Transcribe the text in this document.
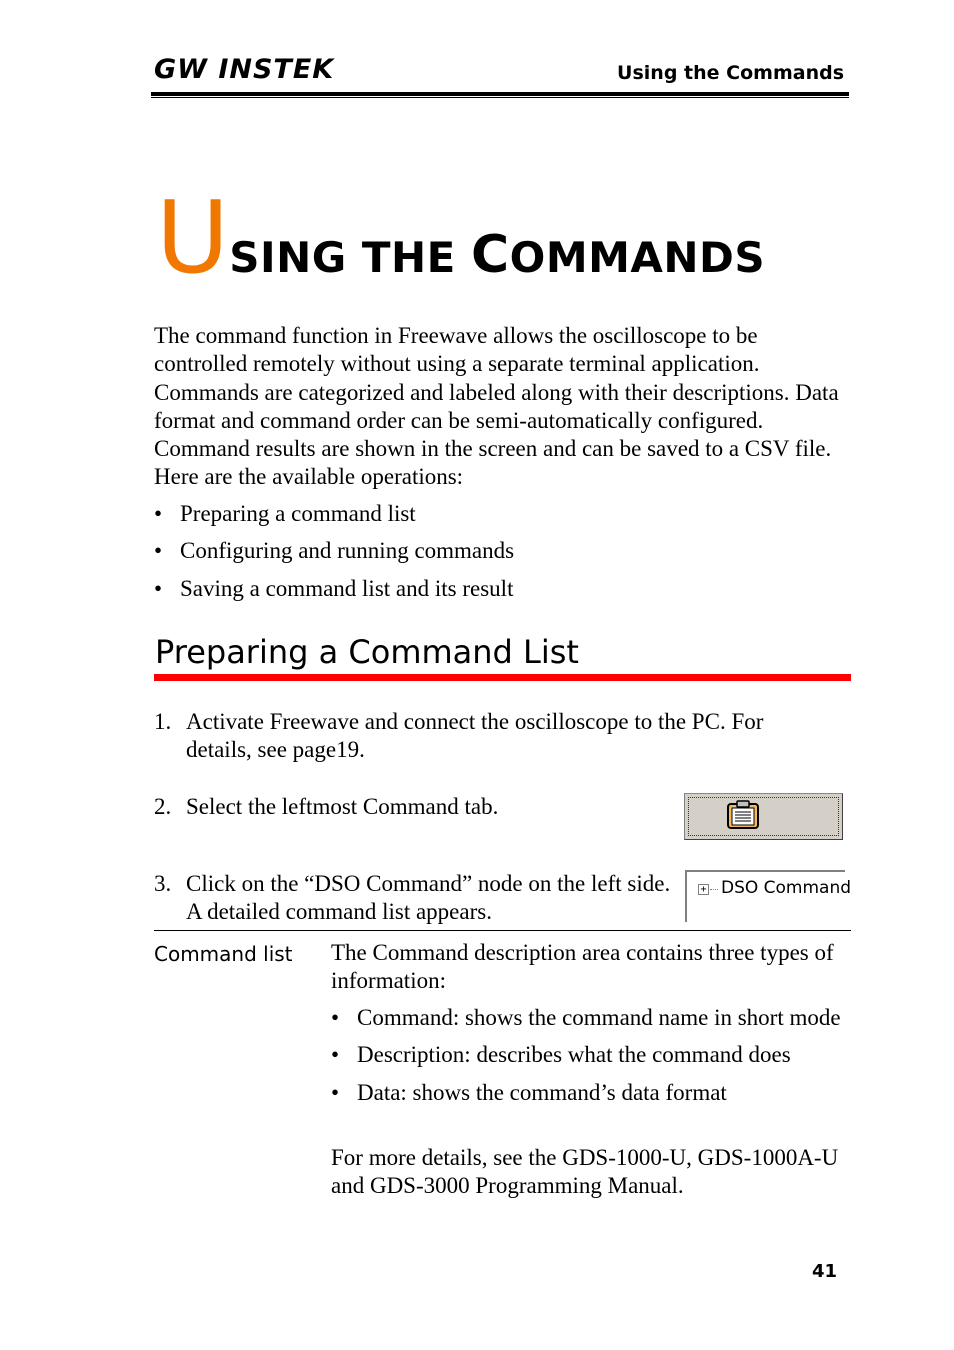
GW INSTEK	Using the Commands
USING THE COMMANDS
The command function in Freewave allows the oscilloscope to be controlled remotely without using a separate terminal application. Commands are categorized and labeled along with their descriptions. Data format and command order can be semi-automatically configured. Command results are shown in the screen and can be saved to a CSV file. Here are the available operations:
• Preparing a command list
• Configuring and running commands
• Saving a command list and its result
Preparing a Command List
1. Activate Freewave and connect the oscilloscope to the PC. For details, see page19.
2. Select the leftmost Command tab.
3. Click on the “DSO Command” node on the left side. A detailed command list appears.
+ DSO Command
Command list The Command description area contains three types of information:
• Command: shows the command name in short mode
• Description: describes what the command does
• Data: shows the command’s data format
For more details, see the GDS-1000-U, GDS-1000A-U and GDS-3000 Programming Manual.
41
